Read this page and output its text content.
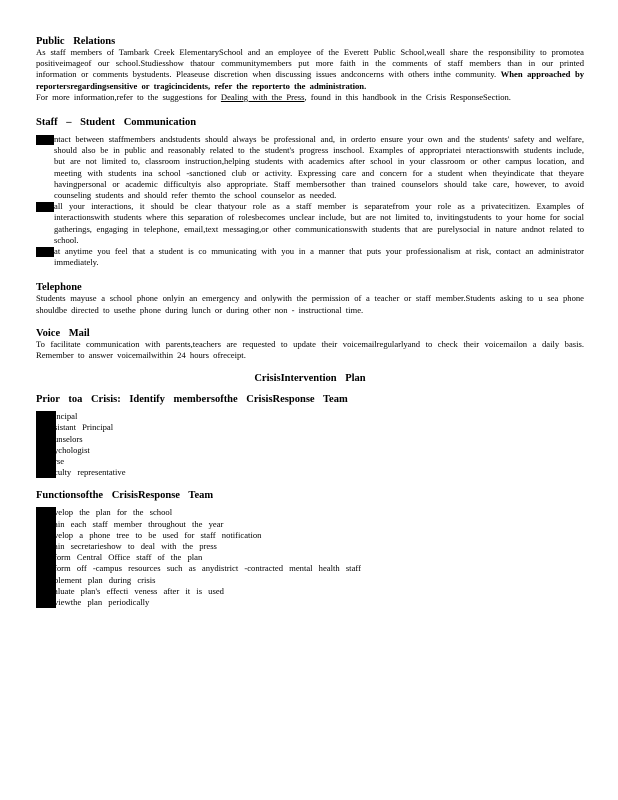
Public Relations

As staff members of Tambark Creek ElementarySchool and an employee of the Everett Public School,weall share the responsibility to promotea positiveimageof our school.Studiesshow thatour communitymembers put more faith in the comments of staff members than in our printed information or comments bystudents. Pleaseuse discretion when discussing issues andconcerns with others inthe community. When approached by reportersregardingsensitive or tragicincidents, refer the reporterto the administration.

For more information,refer to the suggestions for Dealing with the Press, found in this handbook in the Crisis ResponseSection.

Staff – Student Communication

ntact between staffmembers andstudents should always be professional and, in orderto ensure your own and the students' safety and welfare, should also be in public and reasonably related to the student's progress inschool. Examples of appropriatei nteractionswith students include, but are not limited to, classroom instruction,helping students with academics after school in your classroom or other campus location, and meeting with students ina school -sanctioned club or activity. Expressing care and concern for a student when theyindicate that theyare havingpersonal or academic difficultyis also appropriate. Staff membersother than trained counselors should take care, however, to avoid counseling students and should refer themto the school counselor as needed.

all your interactions, it should be clear thatyour role as a staff member is separatefrom your role as a privatecitizen. Examples of interactionswith students where this separation of rolesbecomes unclear include, but are not limited to, invitingstudents to your home for social gatherings, engaging in telephone, email,text messaging,or other communicationswith students that are purelysocial in nature andnot related to school.

at anytime you feel that a student is co mmunicating with you in a manner that puts your professionalism at risk, contact an administrator immediately.

Telephone

Students mayuse a school phone onlyin an emergency and onlywith the permission of a teacher or staff member.Students asking to u sea phone shouldbe directed to usethe phone during lunch or during other non - instructional time.

Voice Mail

To facilitate communication with parents,teachers are requested to update their voicemailregularlyand to check their voicemailon a daily basis. Remember to answer voicemailwithin 24 hours ofreceipt.

CrisisIntervention Plan

Prior toa Crisis: Identify membersofthe CrisisResponse Team

incipal
sistant Principal
unselors
ychologist
rse
culty representative

Functionsofthe CrisisResponse Team

velop the plan for the school
ain each staff member throughout the year
velop a phone tree to be used for staff notification
ain secretarieshow to deal with the press
form Central Office staff of the plan
form off -campus resources such as anydistrict -contracted mental health staff
plement plan during crisis
aluate plan's effecti veness after it is used
viewthe plan periodically
